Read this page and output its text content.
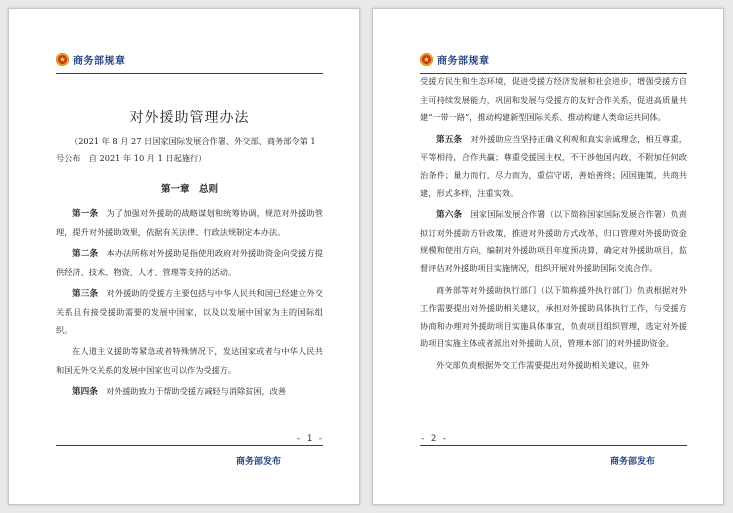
★
商务部规章
对外援助管理办法

（2021 年 8 月 27 日国家国际发展合作署、外交部、商务部令第 1 号公布　自 2021 年 10 月 1 日起施行）

第一章　总则

第一条　为了加强对外援助的战略谋划和统筹协调，规范对外援助管理，提升对外援助效果，依据有关法律、行政法规制定本办法。

第二条　本办法所称对外援助是指使用政府对外援助资金向受援方提供经济、技术、物资、人才、管理等支持的活动。

第三条　对外援助的受援方主要包括与中华人民共和国已经建立外交关系且有接受援助需要的发展中国家，以及以发展中国家为主的国际组织。

在人道主义援助等紧急或者特殊情况下，发达国家或者与中华人民共和国无外交关系的发展中国家也可以作为受援方。

第四条　对外援助致力于帮助受援方减轻与消除贫困，改善

- 1 -
商务部发布
★
商务部规章

受援方民生和生态环境，促进受援方经济发展和社会进步，增强受援方自主可持续发展能力，巩固和发展与受援方的友好合作关系，促进高质量共建“一带一路”，推动构建新型国际关系、推动构建人类命运共同体。

第五条　对外援助应当坚持正确义利观和真实亲诚理念，相互尊重，平等相待，合作共赢；尊重受援国主权，不干涉他国内政，不附加任何政治条件；量力而行，尽力而为，重信守诺，善始善终；因国施策，共商共建，形式多样，注重实效。

第六条　国家国际发展合作署（以下简称国家国际发展合作署）负责拟订对外援助方针政策，推进对外援助方式改革，归口管理对外援助资金规模和使用方向，编制对外援助项目年度预决算，确定对外援助项目，监督评估对外援助项目实施情况，组织开展对外援助国际交流合作。

商务部等对外援助执行部门（以下简称援外执行部门）负责根据对外工作需要提出对外援助相关建议，承担对外援助具体执行工作，与受援方协商和办理对外援助项目实施具体事宜，负责项目组织管理，选定对外援助项目实施主体或者派出对外援助人员，管理本部门的对外援助资金。

外交部负责根据外交工作需要提出对外援助相关建议，驻外

- 2 -
商务部发布
